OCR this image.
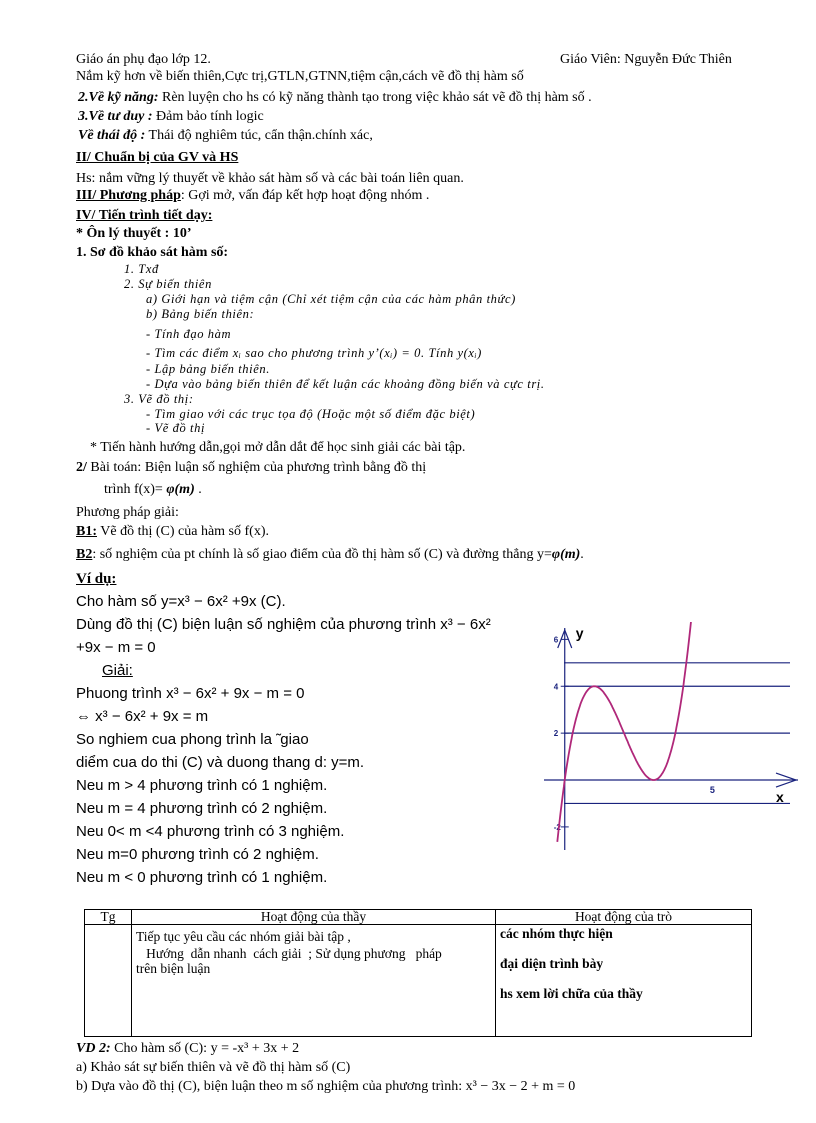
Giáo án phụ đạo lớp 12.	Giáo Viên: Nguyễn Đức Thiên
Nắm kỹ hơn về biến thiên,Cực trị,GTLN,GTNN,tiệm cận,cách vẽ đồ thị hàm số
2.Về kỹ năng: Rèn luyện cho hs có kỹ năng thành tạo trong việc khảo sát vẽ đồ thị hàm số .
3.Về tư duy : Đảm bảo tính logic
Về thái độ : Thái độ nghiêm túc, cẩn thận.chính xác,
II/ Chuẩn bị của GV và HS
Hs: nắm vững lý thuyết về khảo sát hàm số và các bài toán liên quan.
III/ Phương pháp: Gợi mở, vấn đáp kết hợp hoạt động nhóm .
IV/ Tiến trình tiết dạy:
* Ôn lý thuyết : 10’
1. Sơ đồ khảo sát hàm số:
1. Txđ
2. Sự biến thiên
a) Giới hạn và tiệm cận (Chỉ xét tiệm cận của các hàm phân thức)
b) Bảng biến thiên:
- Tính đạo hàm
- Tìm các điểm xᵢ sao cho phương trình y’(xᵢ) = 0. Tính y(xᵢ)
- Lập bảng biến thiên.
- Dựa vào bảng biến thiên để kết luận các khoảng đồng biến và cực trị.
3. Vẽ đồ thị:
- Tìm giao với các trục tọa độ (Hoặc một số điểm đặc biệt)
- Vẽ đồ thị
* Tiến hành hướng dẫn,gọi mở dẫn dắt để học sinh giải các bài tập.
2/ Bài toán: Biện luận số nghiệm của phương trình bằng đồ thị
trình f(x)= φ(m) .
Phương pháp giải:
B1: Vẽ đồ thị (C) của hàm số f(x).
B2: số nghiệm của pt chính là số giao điểm của đồ thị hàm số (C) và đường thẳng y=φ(m).
Ví dụ:
Cho hàm số y=x³ − 6x² +9x (C).
Dùng đồ thị (C) biện luận số nghiệm của phương trình x³ − 6x²
+9x − m = 0
Giải:
Phuong trình x³ − 6x² + 9x − m = 0
⇔ x³ − 6x² + 9x = m
So nghiem cua phong trình la ̃ giao
diểm cua do thi (C) và duong thang d: y=m.
Neu m > 4 phương trình có 1 nghiệm.
Neu m = 4 phương trình có 2 nghiệm.
Neu 0< m <4 phương trình có 3 nghiệm.
Neu m=0 phương trình có 2 nghiệm.
Neu m < 0 phương trình có 1 nghiệm.
6
4
2
-2
5	x
y
Tg	Hoạt động của thầy	Hoạt động của trò

	Tiếp tục yêu cầu các nhóm giải bài tập ,
Hướng  dẫn nhanh  cách giải  ; Sử dụng phương   pháp
trên biện luận	các nhóm thực hiện
đại diện trình bày
hs xem lời chữa của thầy
VD 2: Cho hàm số (C): y = -x³ + 3x + 2
a) Khảo sát sự biến thiên và vẽ đồ thị hàm số (C)
b) Dựa vào đồ thị (C), biện luận theo m số nghiệm của phương trình: x³ − 3x − 2 + m = 0
